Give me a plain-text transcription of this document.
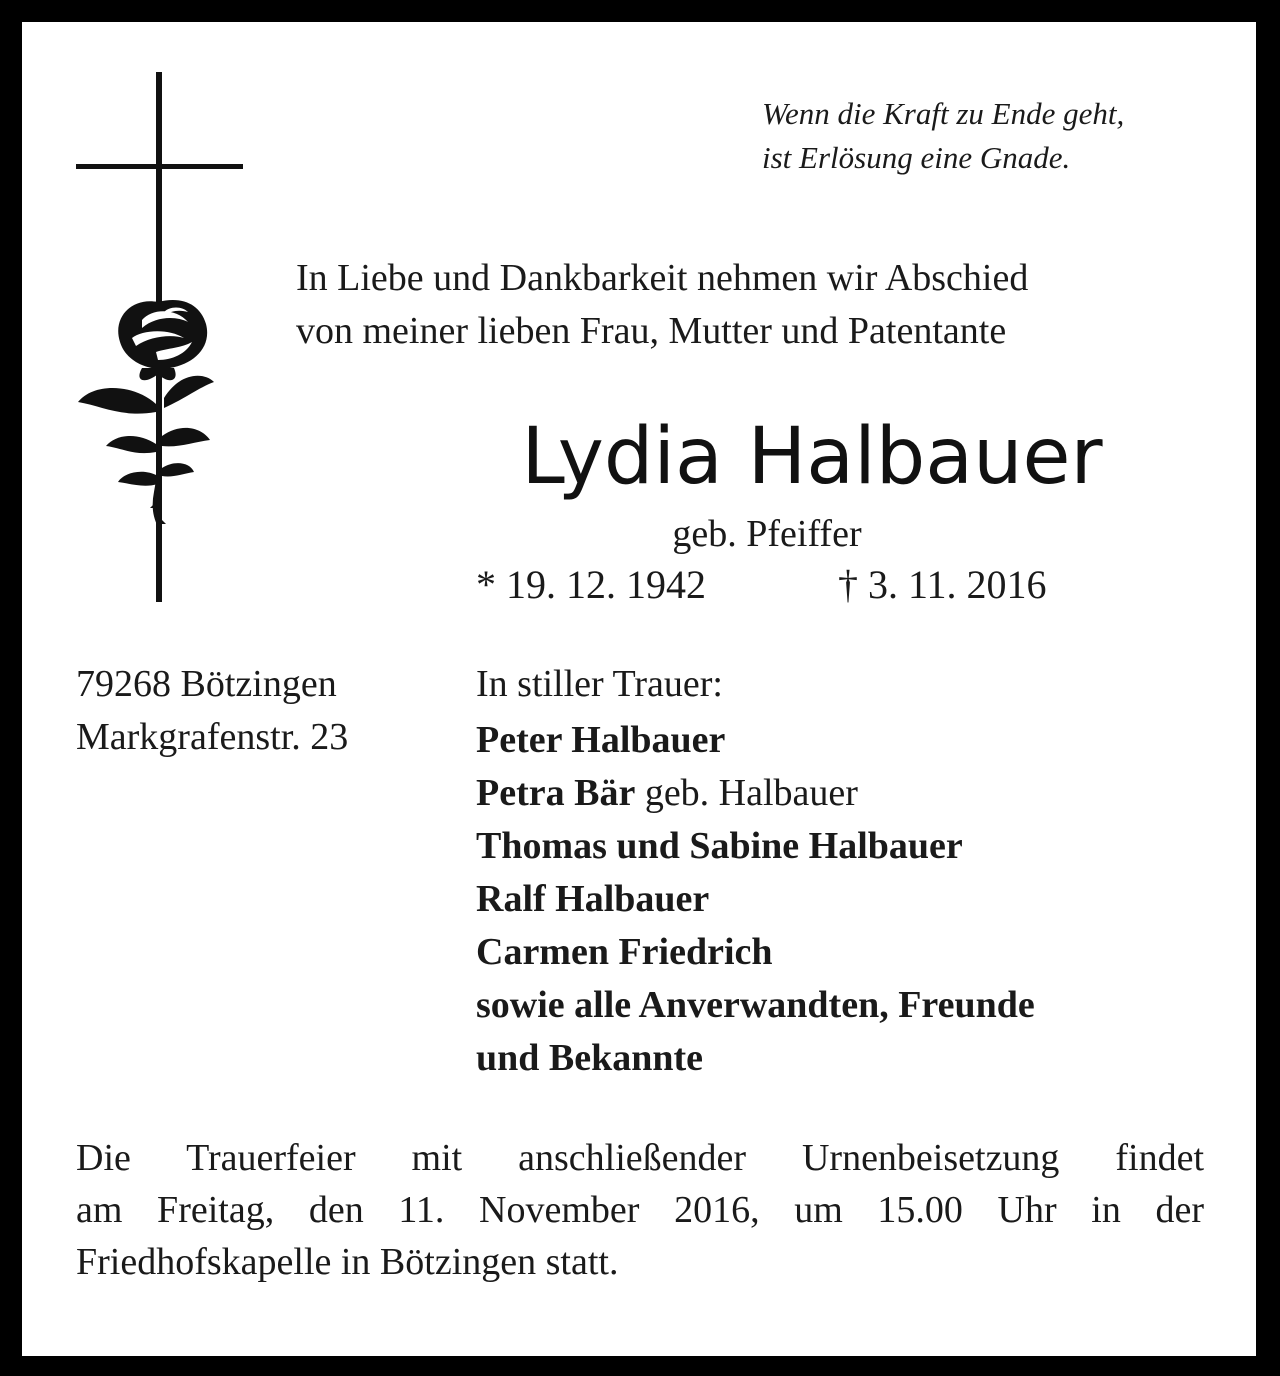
Wenn die Kraft zu Ende geht,
ist Erlösung eine Gnade.
In Liebe und Dankbarkeit nehmen wir Abschied
von meiner lieben Frau, Mutter und Patentante
Lydia Halbauer
geb. Pfeiffer
* 19. 12. 1942	† 3. 11. 2016
79268 Bötzingen
Markgrafenstr. 23
In stiller Trauer:
Peter Halbauer
Petra Bär geb. Halbauer
Thomas und Sabine Halbauer
Ralf Halbauer
Carmen Friedrich
sowie alle Anverwandten, Freunde
und Bekannte
Die Trauerfeier mit anschließender Urnenbeisetzung findet
am Freitag, den 11. November 2016, um 15.00 Uhr in der
Friedhofskapelle in Bötzingen statt.
